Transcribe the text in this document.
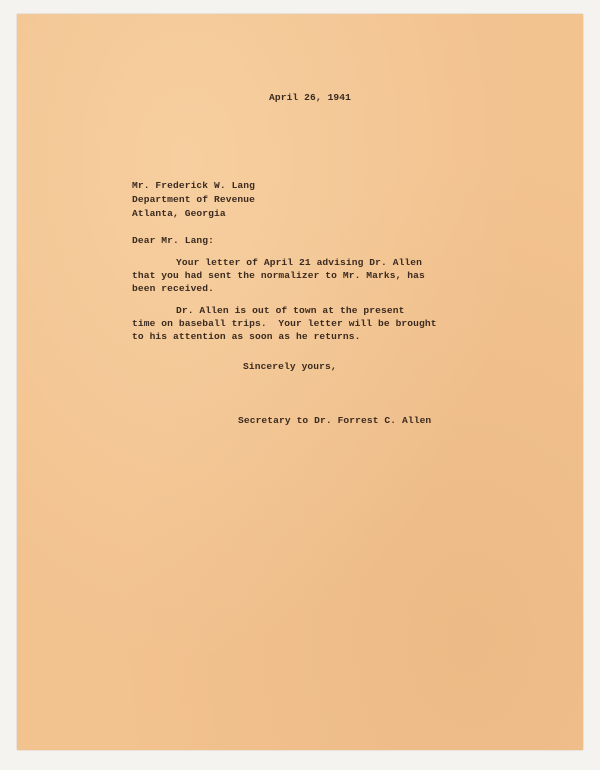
April 26, 1941
Mr. Frederick W. Lang
Department of Revenue
Atlanta, Georgia
Dear Mr. Lang:
Your letter of April 21 advising Dr. Allen
that you had sent the normalizer to Mr. Marks, has
been received.
Dr. Allen is out of town at the present
time on baseball trips.  Your letter will be brought
to his attention as soon as he returns.
Sincerely yours,
Secretary to Dr. Forrest C. Allen
